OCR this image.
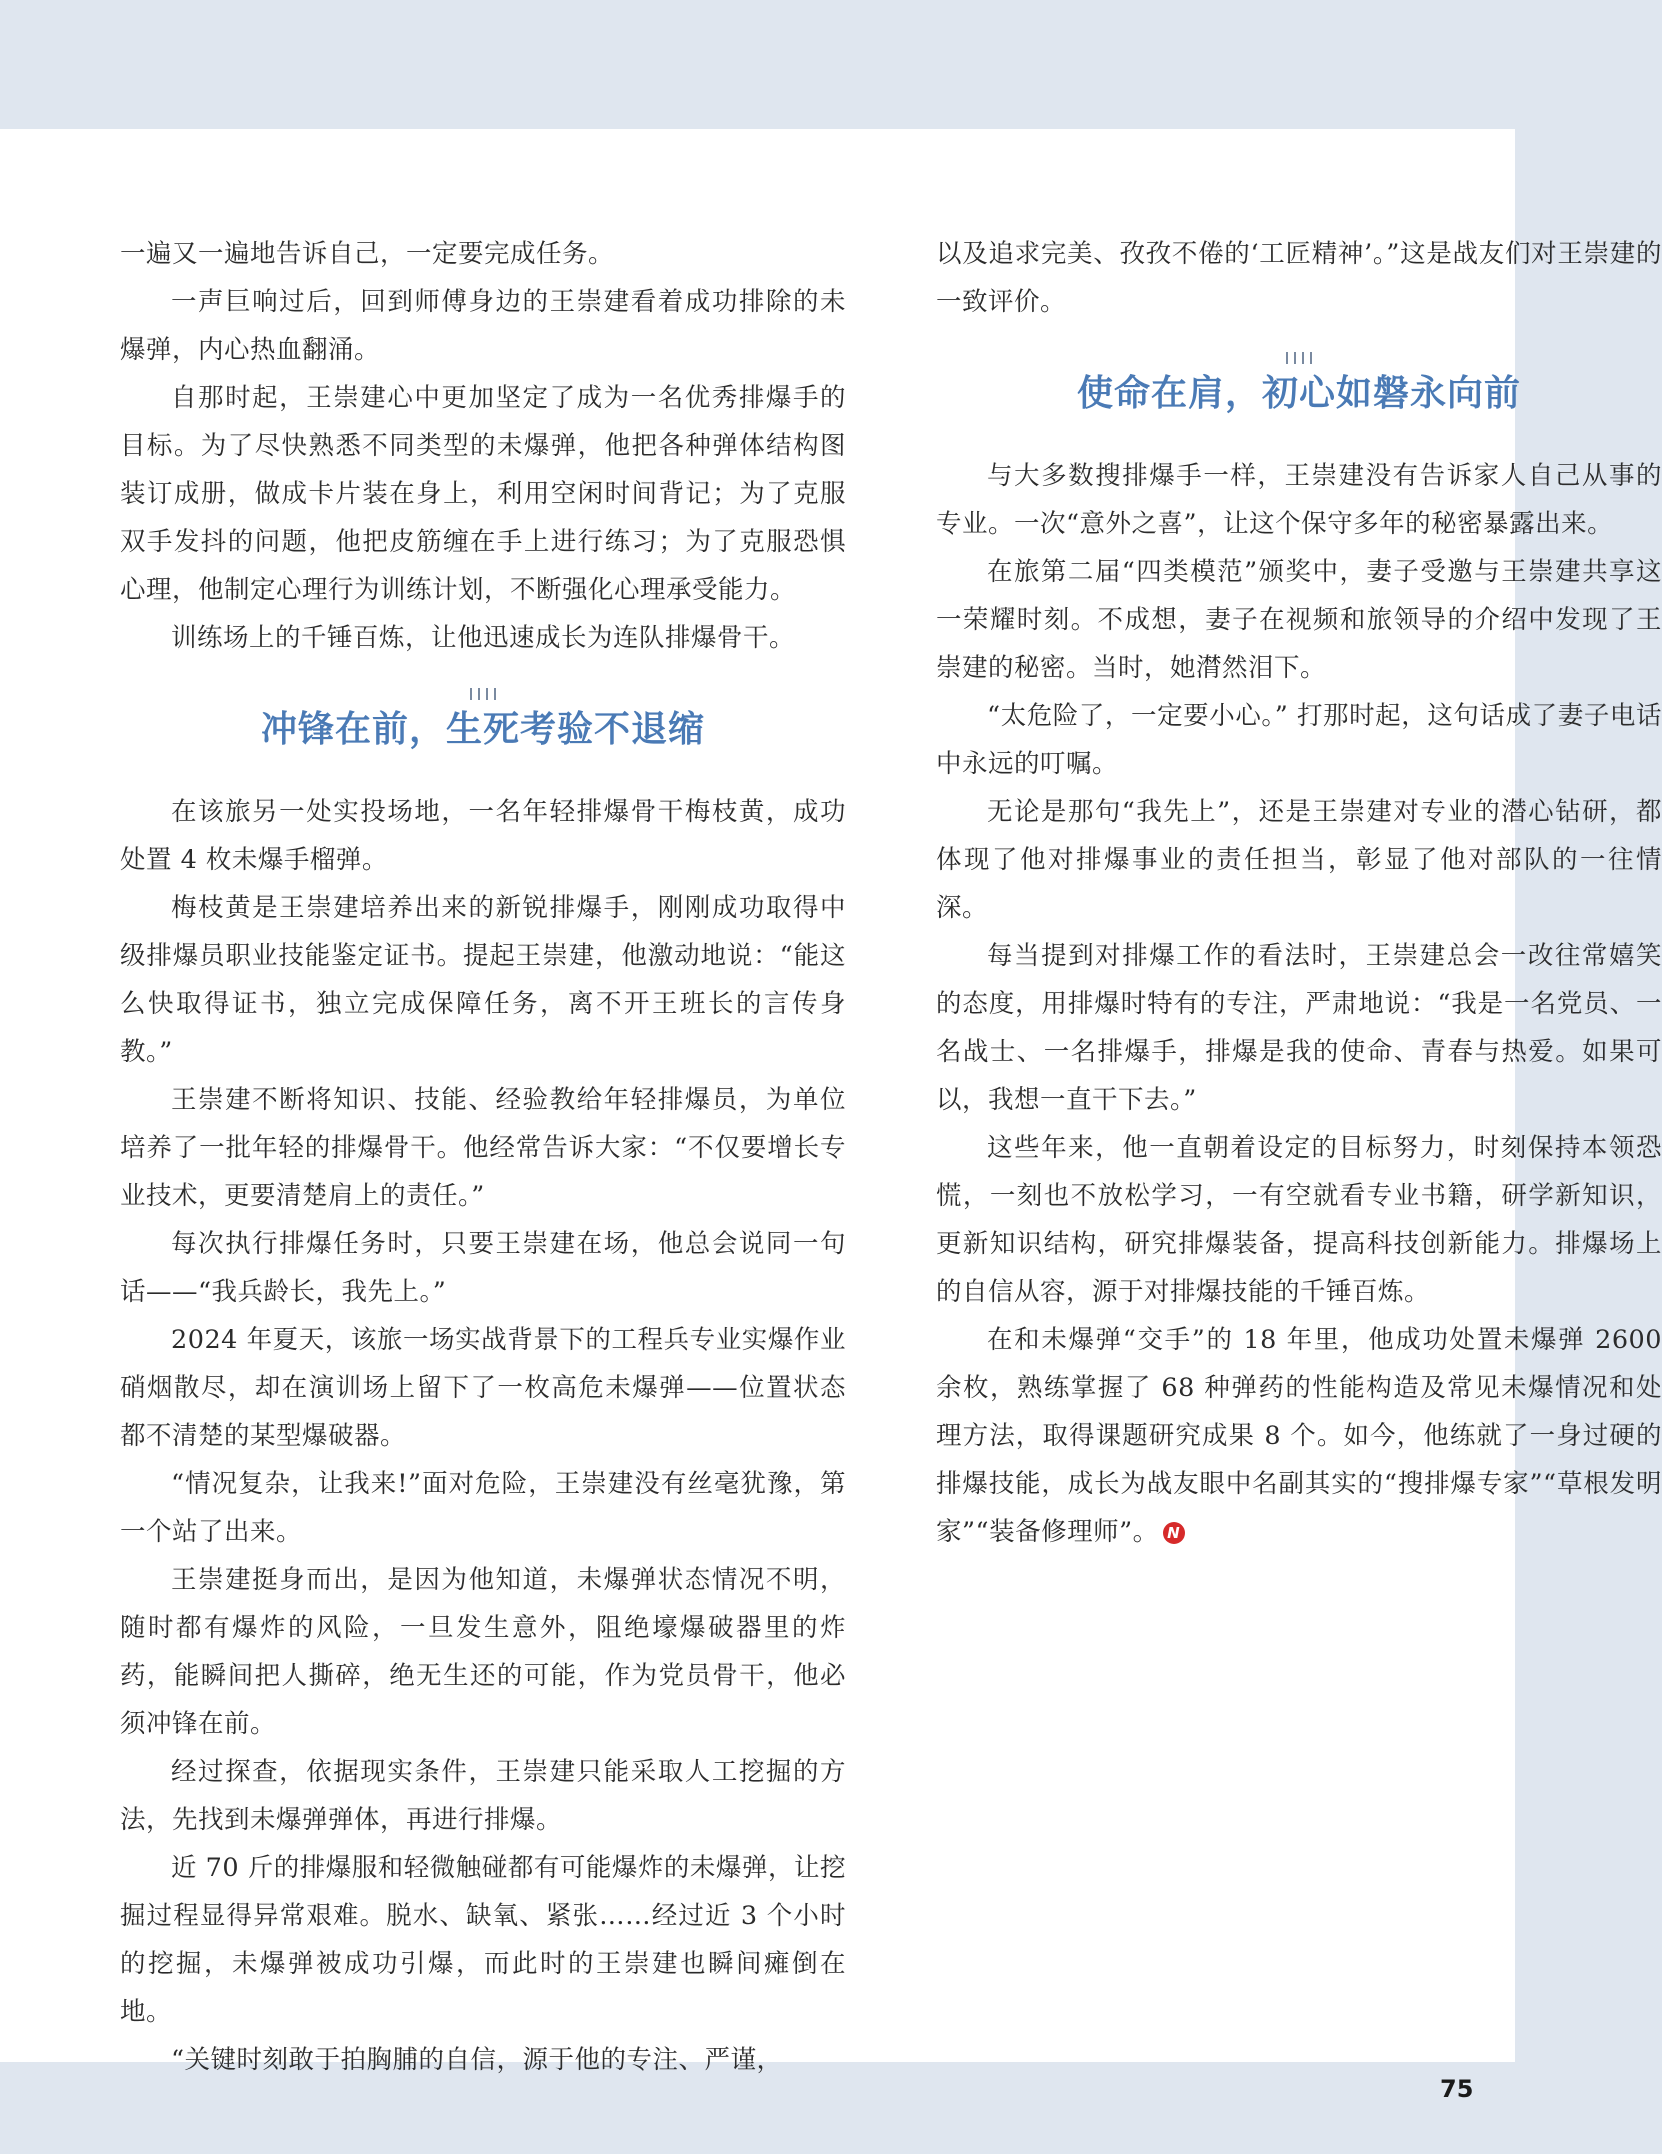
一遍又一遍地告诉自己，一定要完成任务。

一声巨响过后，回到师傅身边的王崇建看着成功排除的未爆弹，内心热血翻涌。

自那时起，王崇建心中更加坚定了成为一名优秀排爆手的目标。为了尽快熟悉不同类型的未爆弹，他把各种弹体结构图装订成册，做成卡片装在身上，利用空闲时间背记；为了克服双手发抖的问题，他把皮筋缠在手上进行练习；为了克服恐惧心理，他制定心理行为训练计划，不断强化心理承受能力。

训练场上的千锤百炼，让他迅速成长为连队排爆骨干。

冲锋在前，生死考验不退缩

在该旅另一处实投场地，一名年轻排爆骨干梅枝黄，成功处置 4 枚未爆手榴弹。

梅枝黄是王崇建培养出来的新锐排爆手，刚刚成功取得中级排爆员职业技能鉴定证书。提起王崇建，他激动地说：“能这么快取得证书，独立完成保障任务，离不开王班长的言传身教。”

王崇建不断将知识、技能、经验教给年轻排爆员，为单位培养了一批年轻的排爆骨干。他经常告诉大家：“不仅要增长专业技术，更要清楚肩上的责任。”

每次执行排爆任务时，只要王崇建在场，他总会说同一句话——“我兵龄长，我先上。”

2024 年夏天，该旅一场实战背景下的工程兵专业实爆作业硝烟散尽，却在演训场上留下了一枚高危未爆弹——位置状态都不清楚的某型爆破器。

“情况复杂，让我来!”面对危险，王崇建没有丝毫犹豫，第一个站了出来。

王崇建挺身而出，是因为他知道，未爆弹状态情况不明，随时都有爆炸的风险，一旦发生意外，阻绝壕爆破器里的炸药，能瞬间把人撕碎，绝无生还的可能，作为党员骨干，他必须冲锋在前。

经过探查，依据现实条件，王崇建只能采取人工挖掘的方法，先找到未爆弹弹体，再进行排爆。

近 70 斤的排爆服和轻微触碰都有可能爆炸的未爆弹，让挖掘过程显得异常艰难。脱水、缺氧、紧张……经过近 3 个小时的挖掘，未爆弹被成功引爆，而此时的王崇建也瞬间瘫倒在地。

“关键时刻敢于拍胸脯的自信，源于他的专注、严谨，

以及追求完美、孜孜不倦的‘工匠精神’。”这是战友们对王崇建的一致评价。

使命在肩，初心如磐永向前

与大多数搜排爆手一样，王崇建没有告诉家人自己从事的专业。一次“意外之喜”，让这个保守多年的秘密暴露出来。

在旅第二届“四类模范”颁奖中，妻子受邀与王崇建共享这一荣耀时刻。不成想，妻子在视频和旅领导的介绍中发现了王崇建的秘密。当时，她潸然泪下。

“太危险了，一定要小心。” 打那时起，这句话成了妻子电话中永远的叮嘱。

无论是那句“我先上”，还是王崇建对专业的潜心钻研，都体现了他对排爆事业的责任担当，彰显了他对部队的一往情深。

每当提到对排爆工作的看法时，王崇建总会一改往常嬉笑的态度，用排爆时特有的专注，严肃地说：“我是一名党员、一名战士、一名排爆手，排爆是我的使命、青春与热爱。如果可以，我想一直干下去。”

这些年来，他一直朝着设定的目标努力，时刻保持本领恐慌，一刻也不放松学习，一有空就看专业书籍，研学新知识，更新知识结构，研究排爆装备，提高科技创新能力。排爆场上的自信从容，源于对排爆技能的千锤百炼。

在和未爆弹“交手”的 18 年里，他成功处置未爆弹 2600 余枚，熟练掌握了 68 种弹药的性能构造及常见未爆情况和处理方法，取得课题研究成果 8 个。如今，他练就了一身过硬的排爆技能，成长为战友眼中名副其实的“搜排爆专家”“草根发明家”“装备修理师”。 N

75
